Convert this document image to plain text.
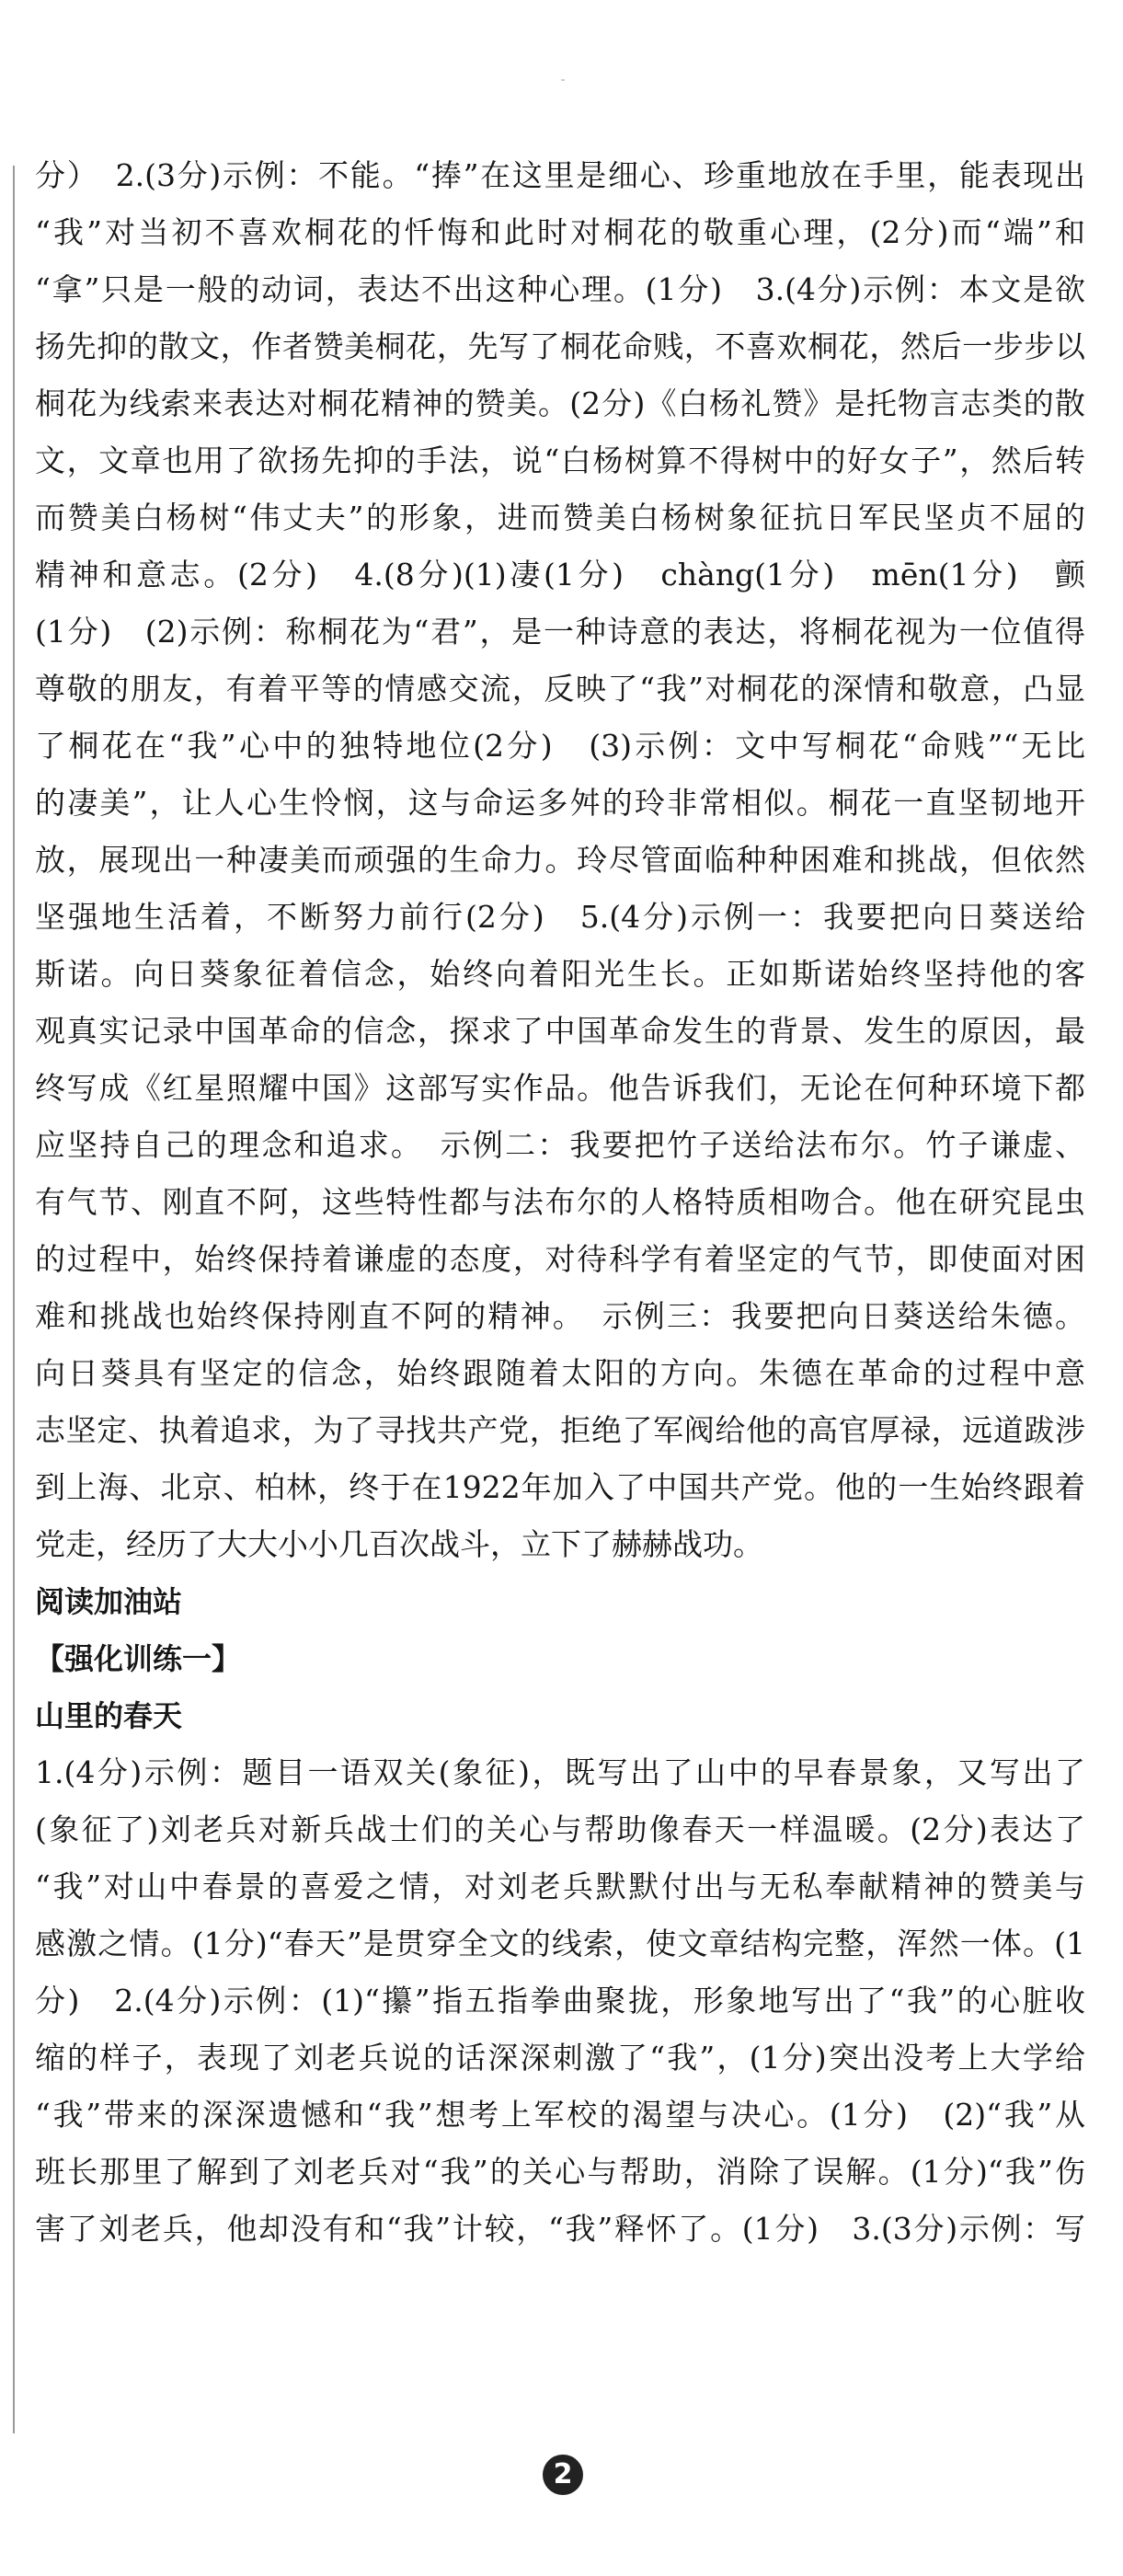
分）　2.(3分)示例：不能。“捧”在这里是细心、珍重地放在手里，能表现出
“我”对当初不喜欢桐花的忏悔和此时对桐花的敬重心理，(2分)而“端”和
“拿”只是一般的动词，表达不出这种心理。(1分)　3.(4分)示例：本文是欲
扬先抑的散文，作者赞美桐花，先写了桐花命贱，不喜欢桐花，然后一步步以
桐花为线索来表达对桐花精神的赞美。(2分)《白杨礼赞》是托物言志类的散
文，文章也用了欲扬先抑的手法，说“白杨树算不得树中的好女子”，然后转
而赞美白杨树“伟丈夫”的形象，进而赞美白杨树象征抗日军民坚贞不屈的
精神和意志。(2分)　4.(8分)(1)凄(1分)　chàng(1分)　mēn(1分)　颤
(1分)　(2)示例：称桐花为“君”，是一种诗意的表达，将桐花视为一位值得
尊敬的朋友，有着平等的情感交流，反映了“我”对桐花的深情和敬意，凸显
了桐花在“我”心中的独特地位(2分)　(3)示例：文中写桐花“命贱”“无比
的凄美”，让人心生怜悯，这与命运多舛的玲非常相似。桐花一直坚韧地开
放，展现出一种凄美而顽强的生命力。玲尽管面临种种困难和挑战，但依然
坚强地生活着，不断努力前行(2分)　5.(4分)示例一：我要把向日葵送给
斯诺。向日葵象征着信念，始终向着阳光生长。正如斯诺始终坚持他的客
观真实记录中国革命的信念，探求了中国革命发生的背景、发生的原因，最
终写成《红星照耀中国》这部写实作品。他告诉我们，无论在何种环境下都
应坚持自己的理念和追求。　示例二：我要把竹子送给法布尔。竹子谦虚、
有气节、刚直不阿，这些特性都与法布尔的人格特质相吻合。他在研究昆虫
的过程中，始终保持着谦虚的态度，对待科学有着坚定的气节，即使面对困
难和挑战也始终保持刚直不阿的精神。　示例三：我要把向日葵送给朱德。
向日葵具有坚定的信念，始终跟随着太阳的方向。朱德在革命的过程中意
志坚定、执着追求，为了寻找共产党，拒绝了军阀给他的高官厚禄，远道跋涉
到上海、北京、柏林，终于在1922年加入了中国共产党。他的一生始终跟着
党走，经历了大大小小几百次战斗，立下了赫赫战功。
阅读加油站
【强化训练一】
山里的春天
1.(4分)示例：题目一语双关(象征)，既写出了山中的早春景象，又写出了
(象征了)刘老兵对新兵战士们的关心与帮助像春天一样温暖。(2分)表达了
“我”对山中春景的喜爱之情，对刘老兵默默付出与无私奉献精神的赞美与
感激之情。(1分)“春天”是贯穿全文的线索，使文章结构完整，浑然一体。(1
分)　2.(4分)示例：(1)“攥”指五指拳曲聚拢，形象地写出了“我”的心脏收
缩的样子，表现了刘老兵说的话深深刺激了“我”，(1分)突出没考上大学给
“我”带来的深深遗憾和“我”想考上军校的渴望与决心。(1分)　(2)“我”从
班长那里了解到了刘老兵对“我”的关心与帮助，消除了误解。(1分)“我”伤
害了刘老兵，他却没有和“我”计较，“我”释怀了。(1分)　3.(3分)示例：写
2
